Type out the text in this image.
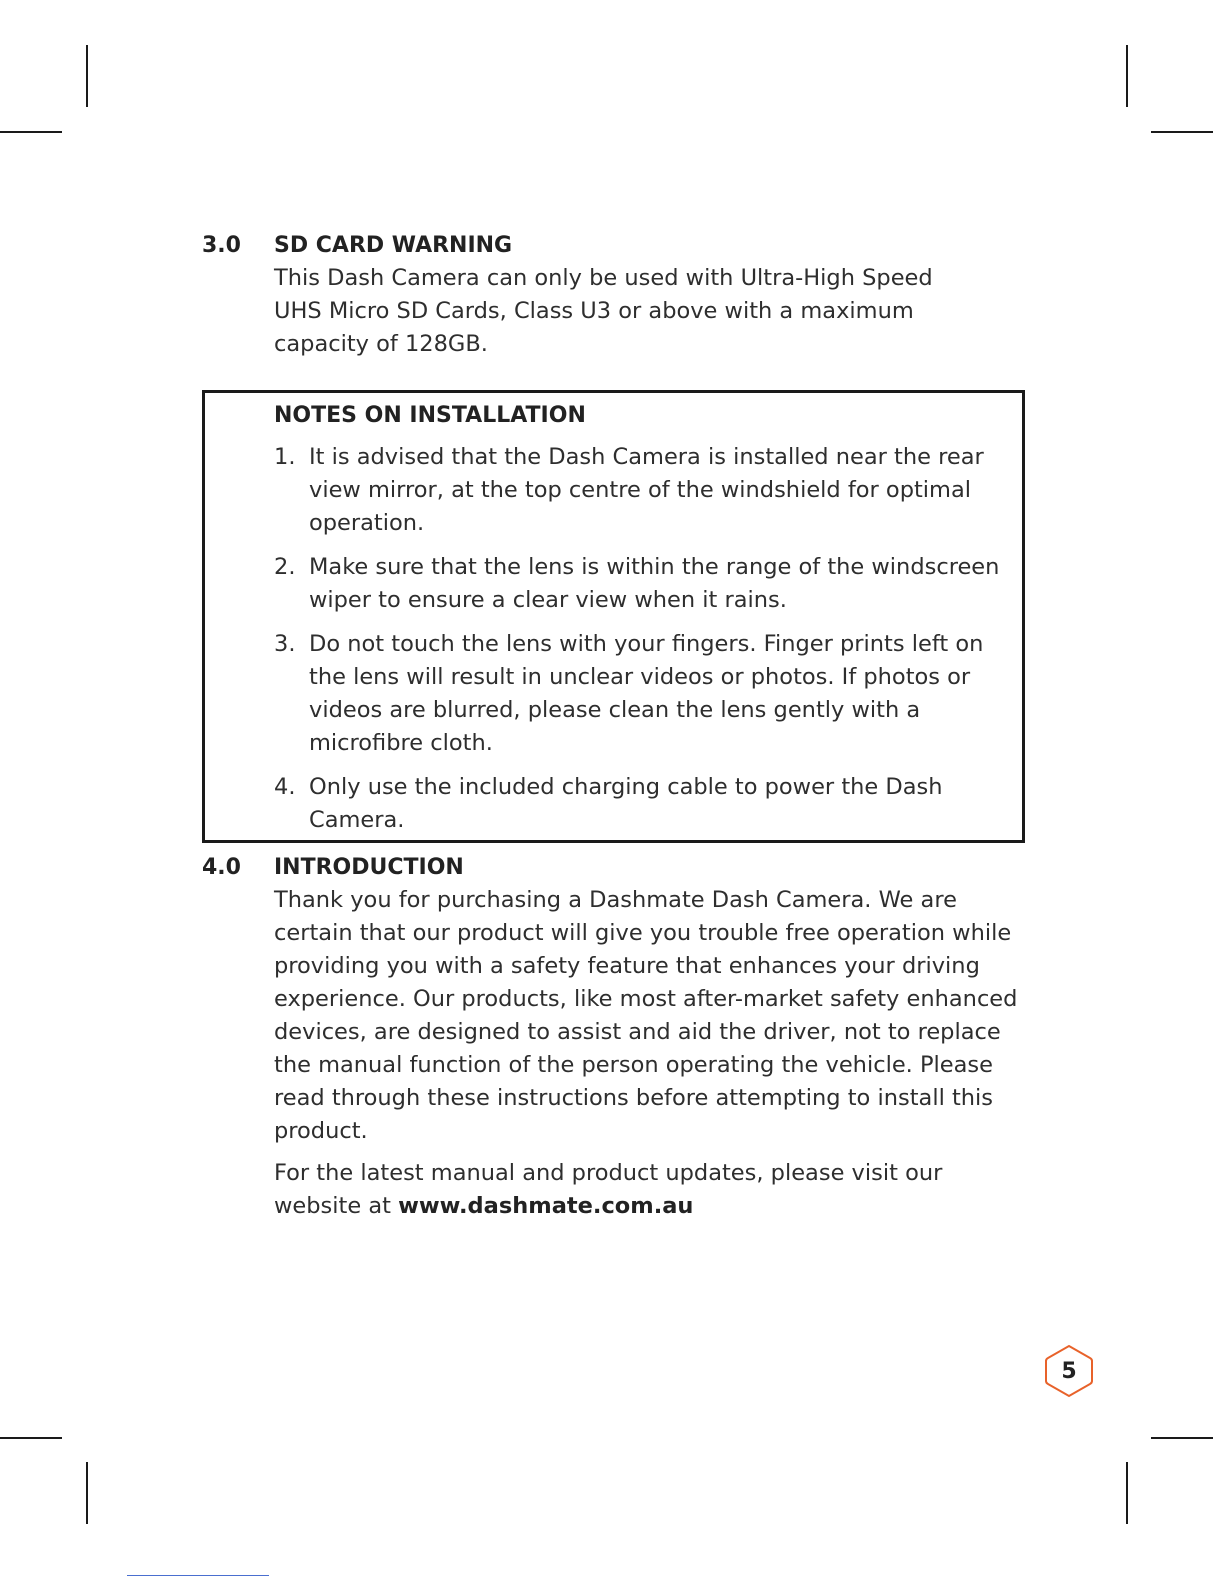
3.0 SD CARD WARNING

This Dash Camera can only be used with Ultra-High Speed UHS Micro SD Cards, Class U3 or above with a maximum capacity of 128GB.

NOTES ON INSTALLATION
1. It is advised that the Dash Camera is installed near the rear view mirror, at the top centre of the windshield for optimal operation.
2. Make sure that the lens is within the range of the windscreen wiper to ensure a clear view when it rains.
3. Do not touch the lens with your fingers. Finger prints left on the lens will result in unclear videos or photos. If photos or videos are blurred, please clean the lens gently with a microfibre cloth.
4. Only use the included charging cable to power the Dash Camera.
4.0 INTRODUCTION

Thank you for purchasing a Dashmate Dash Camera. We are certain that our product will give you trouble free operation while providing you with a safety feature that enhances your driving experience. Our products, like most after-market safety enhanced devices, are designed to assist and aid the driver, not to replace the manual function of the person operating the vehicle. Please read through these instructions before attempting to install this product.

For the latest manual and product updates, please visit our website at www.dashmate.com.au

5
